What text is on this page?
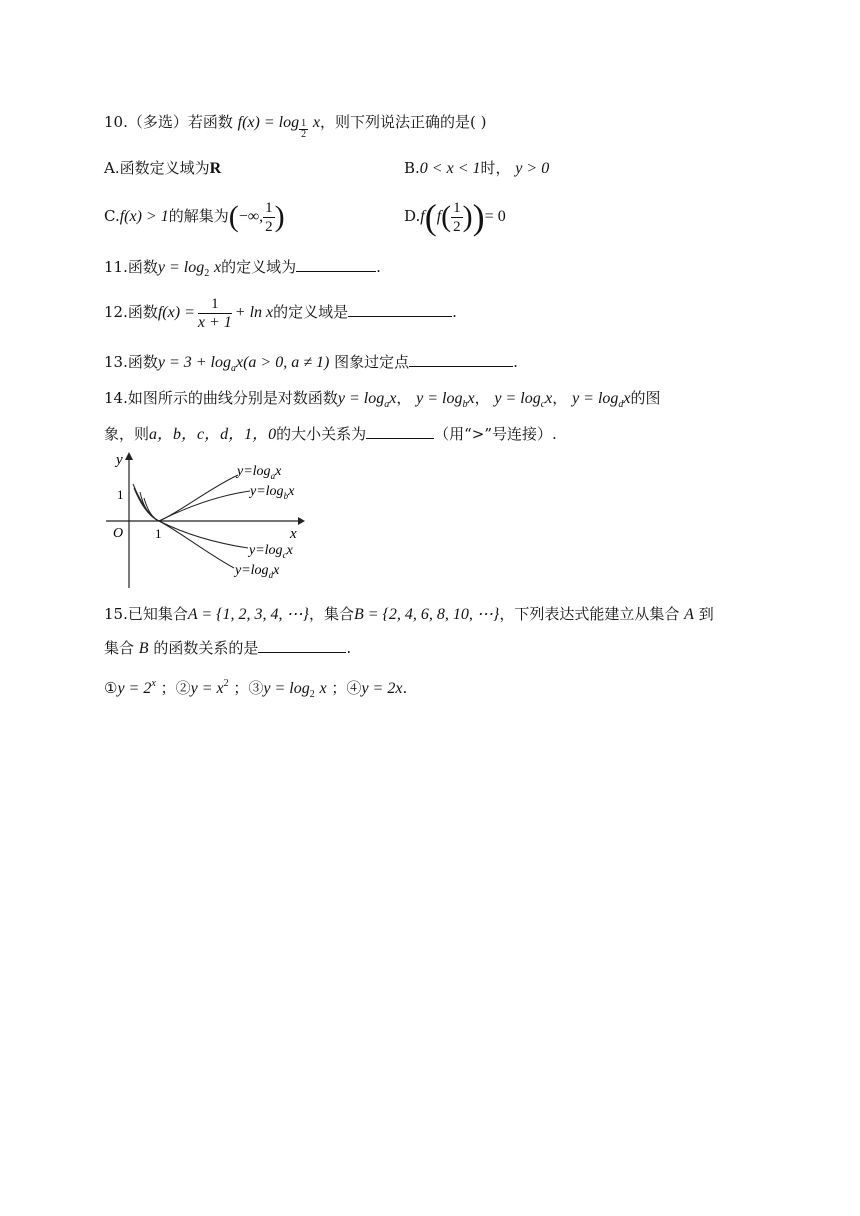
10.（多选）若函数 $f(x) = \log \frac{1}{2}$ x，则下列说法正确的是( )
A.函数定义域为R	B.0 < x < 1时， y > 0
C.f(x) > 1的解集为(−∞, $\frac{1}{2}$ )	$D.f(f( \frac{1}{2}$ ))= 0
11.函数$y = \log_2 x$的定义域为	.
12.函数$f(x) = \frac{1}{x + 1} + \ln x$的定义域是	.
13.函数$y = 3 + \log_ax(a > 0$, a ≠ 1) 图象过定点	.
14.如图所示的曲线分别是对数函数$y = \log_ax$， $y = \log_bx$， $y = \log_cx$， $y = \log_dx$的图
象，则a，b，c，d，1，0的大小关系为	（用“>”号连接）.
y
x
O 1
1
$y=\log_ax$
$y=\log_bx$
$y=\log_cx$
$y=\log_dx$
15.已知集合A = {1, 2, 3, 4, ⋯}，集合B = {2, 4, 6, 8, 10, ⋯}，下列表达式能建立从集合 A 到
集合 B 的函数关系的是	.
①y = $2^x$ ；②y = $x^2$ ；③y = $\log_2 x$ ；④y = 2x.
